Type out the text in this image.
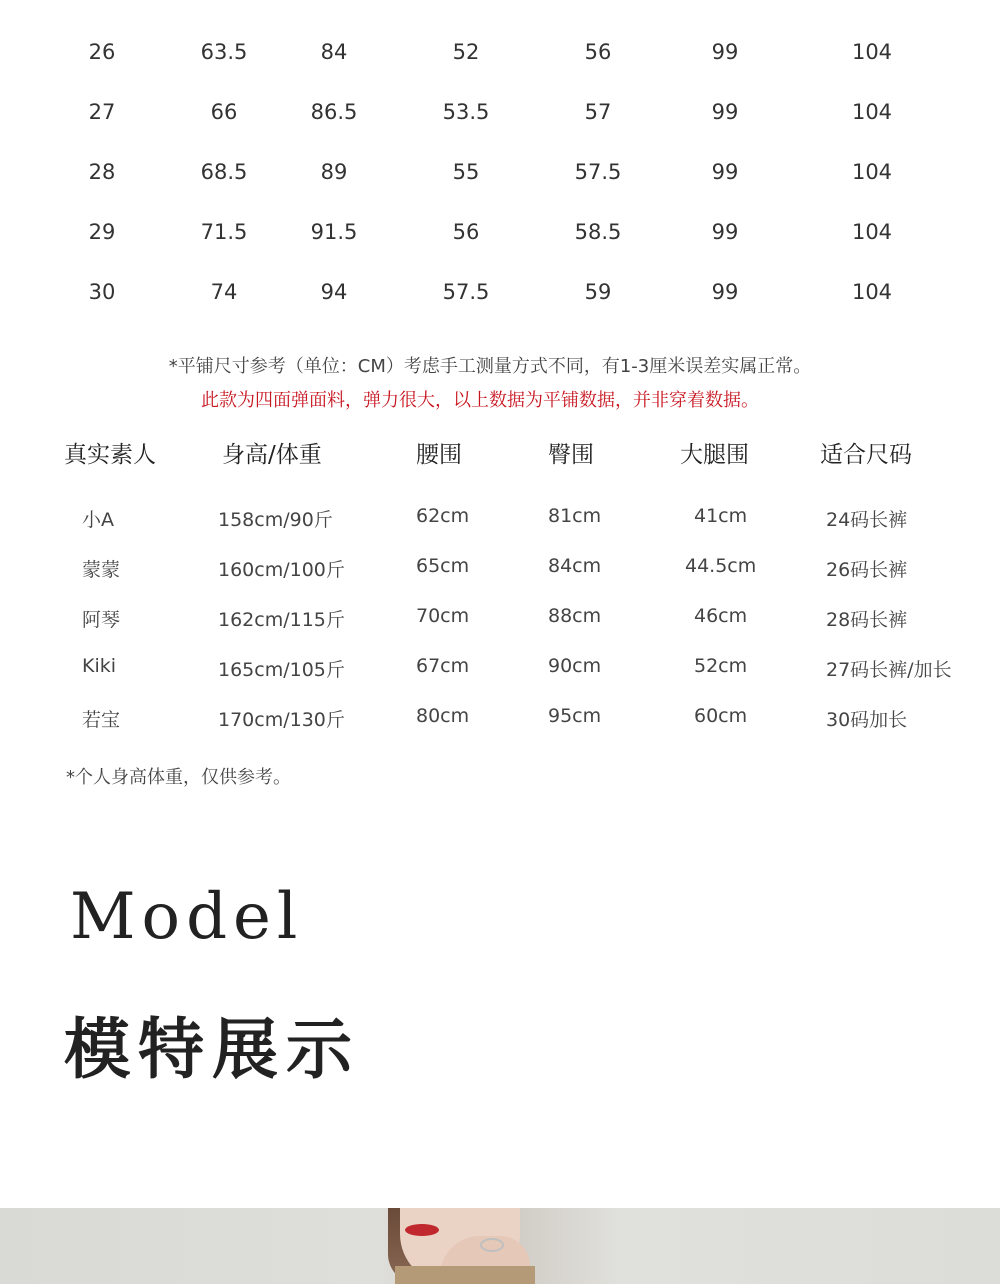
26	63.5	84	52	56	99	104
27	66	86.5	53.5	57	99	104
28	68.5	89	55	57.5	99	104
29	71.5	91.5	56	58.5	99	104
30	74	94	57.5	59	99	104
*平铺尺寸参考（单位：CM）考虑手工测量方式不同，有1-3厘米误差实属正常。
此款为四面弹面料，弹力很大，以上数据为平铺数据，并非穿着数据。
真实素人	身高/体重	腰围	臀围	大腿围	适合尺码
小A	158cm/90斤	62cm	81cm	41cm	24码长裤
蒙蒙	160cm/100斤	65cm	84cm	44.5cm	26码长裤
阿琴	162cm/115斤	70cm	88cm	46cm	28码长裤
Kiki	165cm/105斤	67cm	90cm	52cm	27码长裤/加长
若宝	170cm/130斤	80cm	95cm	60cm	30码加长
*个人身高体重，仅供参考。
Model
模特展示
